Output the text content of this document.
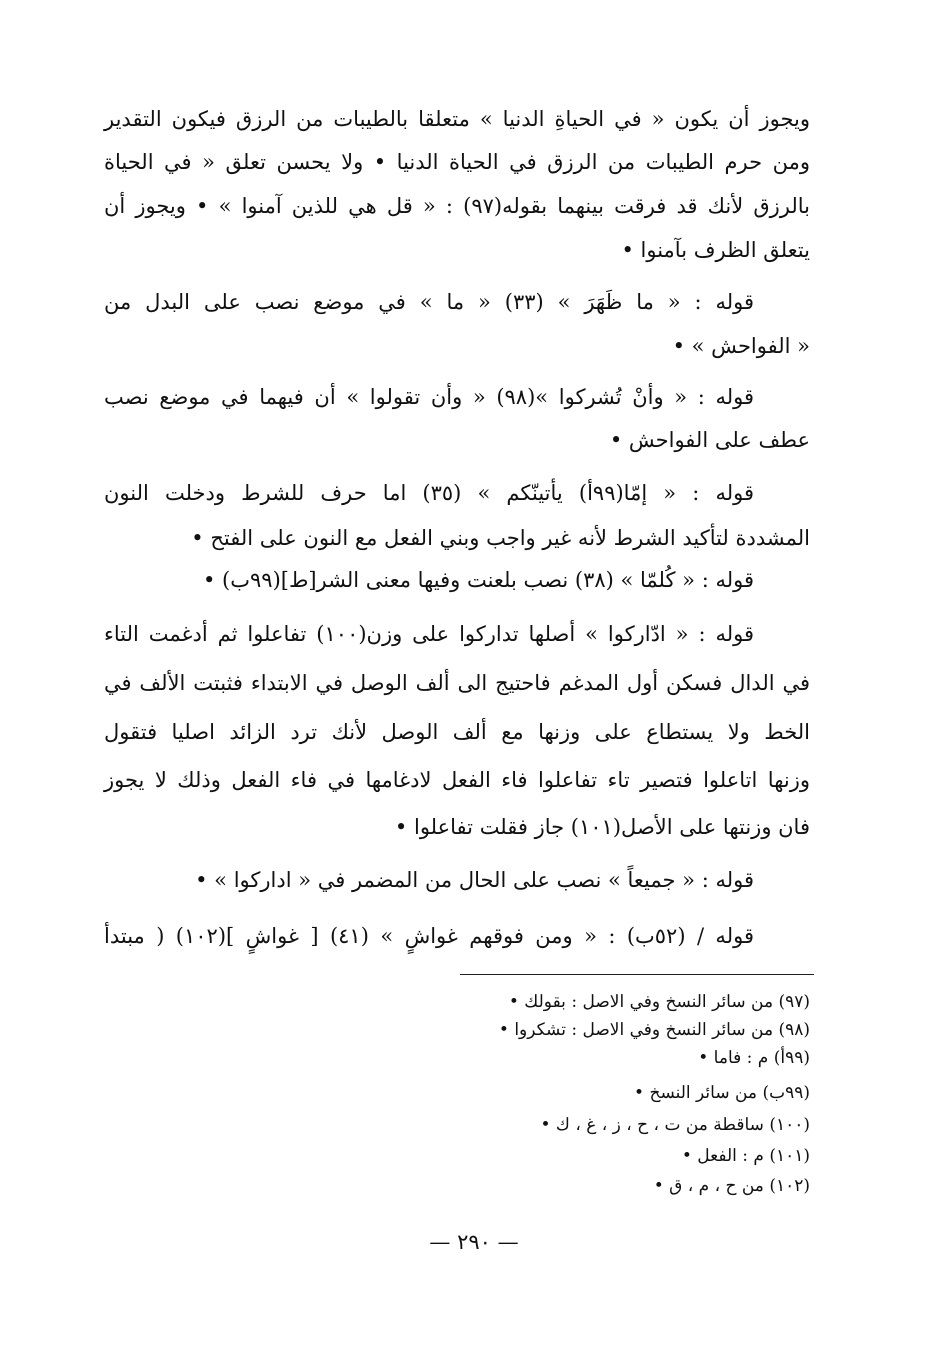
ويجوز أن يكون « في الحياةِ الدنيا » متعلقا بالطيبات من الرزق فيكون التقدير
ومن حرم الطيبات من الرزق في الحياة الدنيا • ولا يحسن تعلق « في الحياة
بالرزق لأنك قد فرقت بينهما بقوله(٩٧) : « قل هي للذين آمنوا » • ويجوز أن
يتعلق الظرف بآمنوا •
قوله : « ما ظَهَرَ » (٣٣) « ما » في موضع نصب على البدل من
« الفواحش » •
قوله : « وأنْ تُشركوا »(٩٨) « وأن تقولوا » أن فيهما في موضع نصب
عطف على الفواحش •
قوله : « إمّا(٩٩أ) يأتينّكم » (٣٥) اما حرف للشرط ودخلت النون
المشددة لتأكيد الشرط لأنه غير واجب وبني الفعل مع النون على الفتح •
قوله : « كُلمّا » (٣٨) نصب بلعنت وفيها معنى الشر[ط](٩٩ب) •
قوله : « ادّاركوا » أصلها تداركوا على وزن(١٠٠) تفاعلوا ثم أدغمت التاء
في الدال فسكن أول المدغم فاحتيج الى ألف الوصل في الابتداء فثبتت الألف في
الخط ولا يستطاع على وزنها مع ألف الوصل لأنك ترد الزائد اصليا فتقول
وزنها اتاعلوا فتصير تاء تفاعلوا فاء الفعل لادغامها في فاء الفعل وذلك لا يجوز
فان وزنتها على الأصل(١٠١) جاز فقلت تفاعلوا •
قوله : « جميعاً » نصب على الحال من المضمر في « اداركوا » •
قوله / (٥٢ب) : « ومن فوقهم غواشٍ » (٤١) [ غواشٍ ](١٠٢) ( مبتدأ
(٩٧) من سائر النسخ وفي الاصل : بقولك •
(٩٨) من سائر النسخ وفي الاصل : تشكروا •
(٩٩أ) م : فاما •
(٩٩ب) من سائر النسخ •
(١٠٠) ساقطة من ت ، ح ، ز ، غ ، ك •
(١٠١) م : الفعل •
(١٠٢) من ح ، م ، ق •
— ٢٩٠ —
